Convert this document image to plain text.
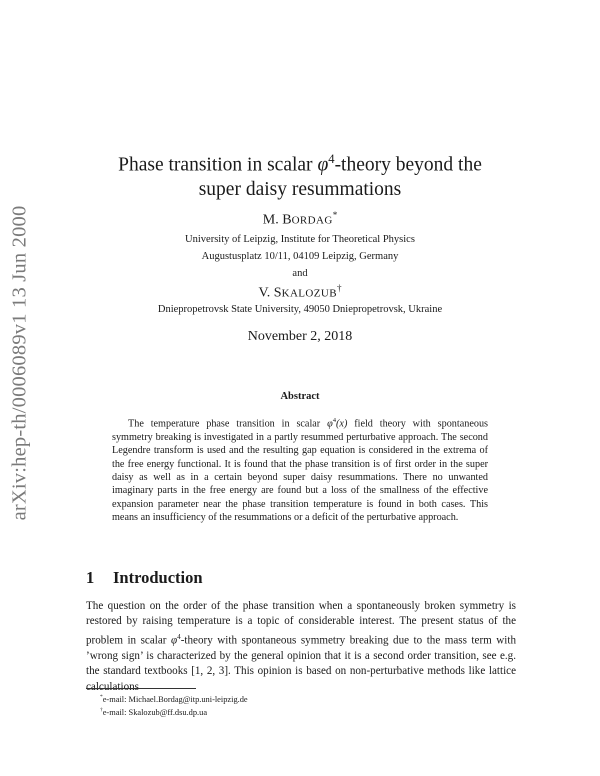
arXiv:hep-th/0006089v1 13 Jun 2000
Phase transition in scalar $\varphi^4$-theory beyond the
super daisy resummations
M. BORDAG*
University of Leipzig, Institute for Theoretical Physics
Augustusplatz 10/11, 04109 Leipzig, Germany
and
V. SKALOZUB†
Dniepropetrovsk State University, 49050 Dniepropetrovsk, Ukraine
November 2, 2018
Abstract

The temperature phase transition in scalar $\varphi^4(x)$ field theory with spontaneous symmetry breaking is investigated in a partly resummed perturbative approach. The second Legendre transform is used and the resulting gap equation is considered in the extrema of the free energy functional. It is found that the phase transition is of first order in the super daisy as well as in a certain beyond super daisy resummations. There no unwanted imaginary parts in the free energy are found but a loss of the smallness of the effective expansion parameter near the phase transition temperature is found in both cases. This means an insufficiency of the resummations or a deficit of the perturbative approach.

1 Introduction

The question on the order of the phase transition when a spontaneously broken symmetry is restored by raising temperature is a topic of considerable interest. The present status of the problem in scalar $\varphi^4$-theory with spontaneous symmetry breaking due to the mass term with ’wrong sign’ is characterized by the general opinion that it is a second order transition, see e.g. the standard textbooks [1, 2, 3]. This opinion is based on non-perturbative methods like lattice calculations

*e-mail: Michael.Bordag@itp.uni-leipzig.de
†e-mail: Skalozub@ff.dsu.dp.ua
